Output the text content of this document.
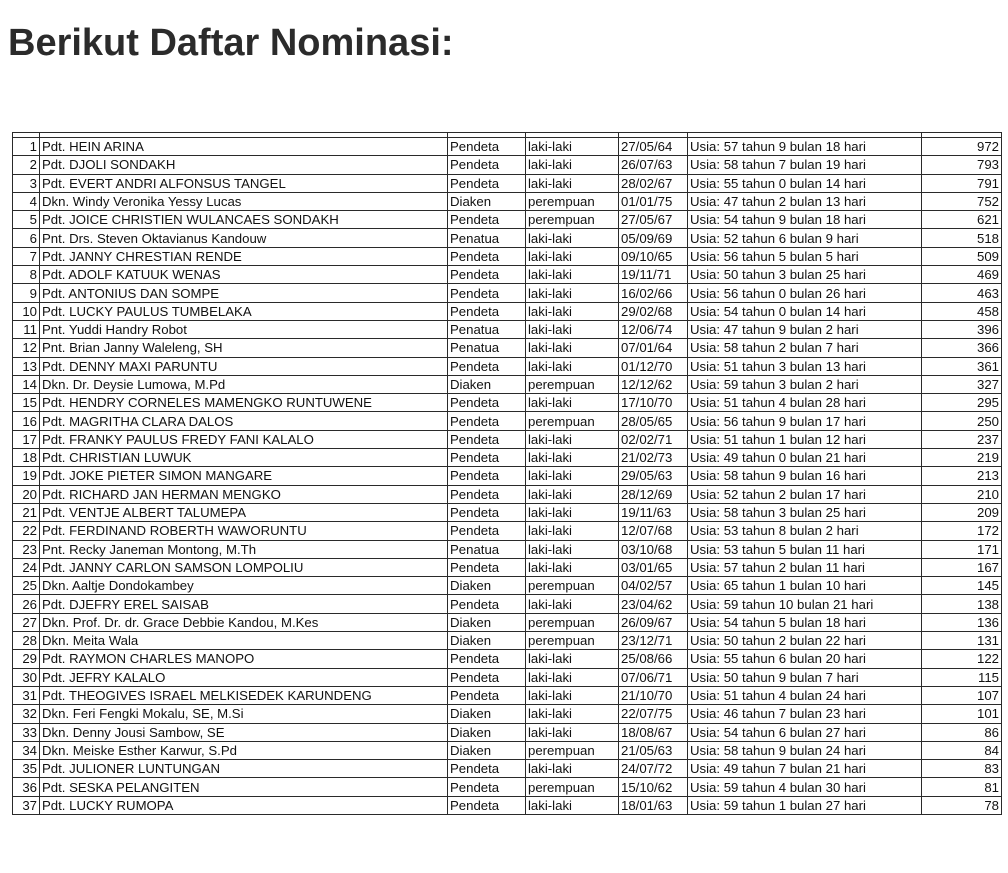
Berikut Daftar Nominasi:

1	Pdt. HEIN ARINA	Pendeta	laki-laki	27/05/64	Usia: 57 tahun 9 bulan 18 hari	972
2	Pdt. DJOLI SONDAKH	Pendeta	laki-laki	26/07/63	Usia: 58 tahun 7 bulan 19 hari	793
3	Pdt. EVERT ANDRI ALFONSUS TANGEL	Pendeta	laki-laki	28/02/67	Usia: 55 tahun 0 bulan 14 hari	791
4	Dkn. Windy Veronika Yessy Lucas	Diaken	perempuan	01/01/75	Usia: 47 tahun 2 bulan 13 hari	752
5	Pdt. JOICE CHRISTIEN WULANCAES SONDAKH	Pendeta	perempuan	27/05/67	Usia: 54 tahun 9 bulan 18 hari	621
6	Pnt. Drs. Steven Oktavianus Kandouw	Penatua	laki-laki	05/09/69	Usia: 52 tahun 6 bulan 9 hari	518
7	Pdt. JANNY CHRESTIAN RENDE	Pendeta	laki-laki	09/10/65	Usia: 56 tahun 5 bulan 5 hari	509
8	Pdt. ADOLF KATUUK WENAS	Pendeta	laki-laki	19/11/71	Usia: 50 tahun 3 bulan 25 hari	469
9	Pdt. ANTONIUS DAN SOMPE	Pendeta	laki-laki	16/02/66	Usia: 56 tahun 0 bulan 26 hari	463
10	Pdt. LUCKY PAULUS TUMBELAKA	Pendeta	laki-laki	29/02/68	Usia: 54 tahun 0 bulan 14 hari	458
11	Pnt. Yuddi Handry Robot	Penatua	laki-laki	12/06/74	Usia: 47 tahun 9 bulan 2 hari	396
12	Pnt. Brian Janny Waleleng, SH	Penatua	laki-laki	07/01/64	Usia: 58 tahun 2 bulan 7 hari	366
13	Pdt. DENNY MAXI PARUNTU	Pendeta	laki-laki	01/12/70	Usia: 51 tahun 3 bulan 13 hari	361
14	Dkn. Dr. Deysie Lumowa, M.Pd	Diaken	perempuan	12/12/62	Usia: 59 tahun 3 bulan 2 hari	327
15	Pdt. HENDRY CORNELES MAMENGKO RUNTUWENE	Pendeta	laki-laki	17/10/70	Usia: 51 tahun 4 bulan 28 hari	295
16	Pdt. MAGRITHA CLARA DALOS	Pendeta	perempuan	28/05/65	Usia: 56 tahun 9 bulan 17 hari	250
17	Pdt. FRANKY PAULUS FREDY FANI KALALO	Pendeta	laki-laki	02/02/71	Usia: 51 tahun 1 bulan 12 hari	237
18	Pdt. CHRISTIAN LUWUK	Pendeta	laki-laki	21/02/73	Usia: 49 tahun 0 bulan 21 hari	219
19	Pdt. JOKE PIETER SIMON MANGARE	Pendeta	laki-laki	29/05/63	Usia: 58 tahun 9 bulan 16 hari	213
20	Pdt. RICHARD JAN HERMAN MENGKO	Pendeta	laki-laki	28/12/69	Usia: 52 tahun 2 bulan 17 hari	210
21	Pdt. VENTJE ALBERT TALUMEPA	Pendeta	laki-laki	19/11/63	Usia: 58 tahun 3 bulan 25 hari	209
22	Pdt. FERDINAND ROBERTH WAWORUNTU	Pendeta	laki-laki	12/07/68	Usia: 53 tahun 8 bulan 2 hari	172
23	Pnt. Recky Janeman Montong, M.Th	Penatua	laki-laki	03/10/68	Usia: 53 tahun 5 bulan 11 hari	171
24	Pdt. JANNY CARLON SAMSON LOMPOLIU	Pendeta	laki-laki	03/01/65	Usia: 57 tahun 2 bulan 11 hari	167
25	Dkn. Aaltje Dondokambey	Diaken	perempuan	04/02/57	Usia: 65 tahun 1 bulan 10 hari	145
26	Pdt. DJEFRY EREL SAISAB	Pendeta	laki-laki	23/04/62	Usia: 59 tahun 10 bulan 21 hari	138
27	Dkn. Prof. Dr. dr. Grace Debbie Kandou, M.Kes	Diaken	perempuan	26/09/67	Usia: 54 tahun 5 bulan 18 hari	136
28	Dkn. Meita Wala	Diaken	perempuan	23/12/71	Usia: 50 tahun 2 bulan 22 hari	131
29	Pdt. RAYMON CHARLES MANOPO	Pendeta	laki-laki	25/08/66	Usia: 55 tahun 6 bulan 20 hari	122
30	Pdt. JEFRY KALALO	Pendeta	laki-laki	07/06/71	Usia: 50 tahun 9 bulan 7 hari	115
31	Pdt. THEOGIVES ISRAEL MELKISEDEK KARUNDENG	Pendeta	laki-laki	21/10/70	Usia: 51 tahun 4 bulan 24 hari	107
32	Dkn. Feri Fengki Mokalu, SE, M.Si	Diaken	laki-laki	22/07/75	Usia: 46 tahun 7 bulan 23 hari	101
33	Dkn. Denny Jousi Sambow, SE	Diaken	laki-laki	18/08/67	Usia: 54 tahun 6 bulan 27 hari	86
34	Dkn. Meiske Esther Karwur, S.Pd	Diaken	perempuan	21/05/63	Usia: 58 tahun 9 bulan 24 hari	84
35	Pdt. JULIONER LUNTUNGAN	Pendeta	laki-laki	24/07/72	Usia: 49 tahun 7 bulan 21 hari	83
36	Pdt. SESKA PELANGITEN	Pendeta	perempuan	15/10/62	Usia: 59 tahun 4 bulan 30 hari	81
37	Pdt. LUCKY RUMOPA	Pendeta	laki-laki	18/01/63	Usia: 59 tahun 1 bulan 27 hari	78
